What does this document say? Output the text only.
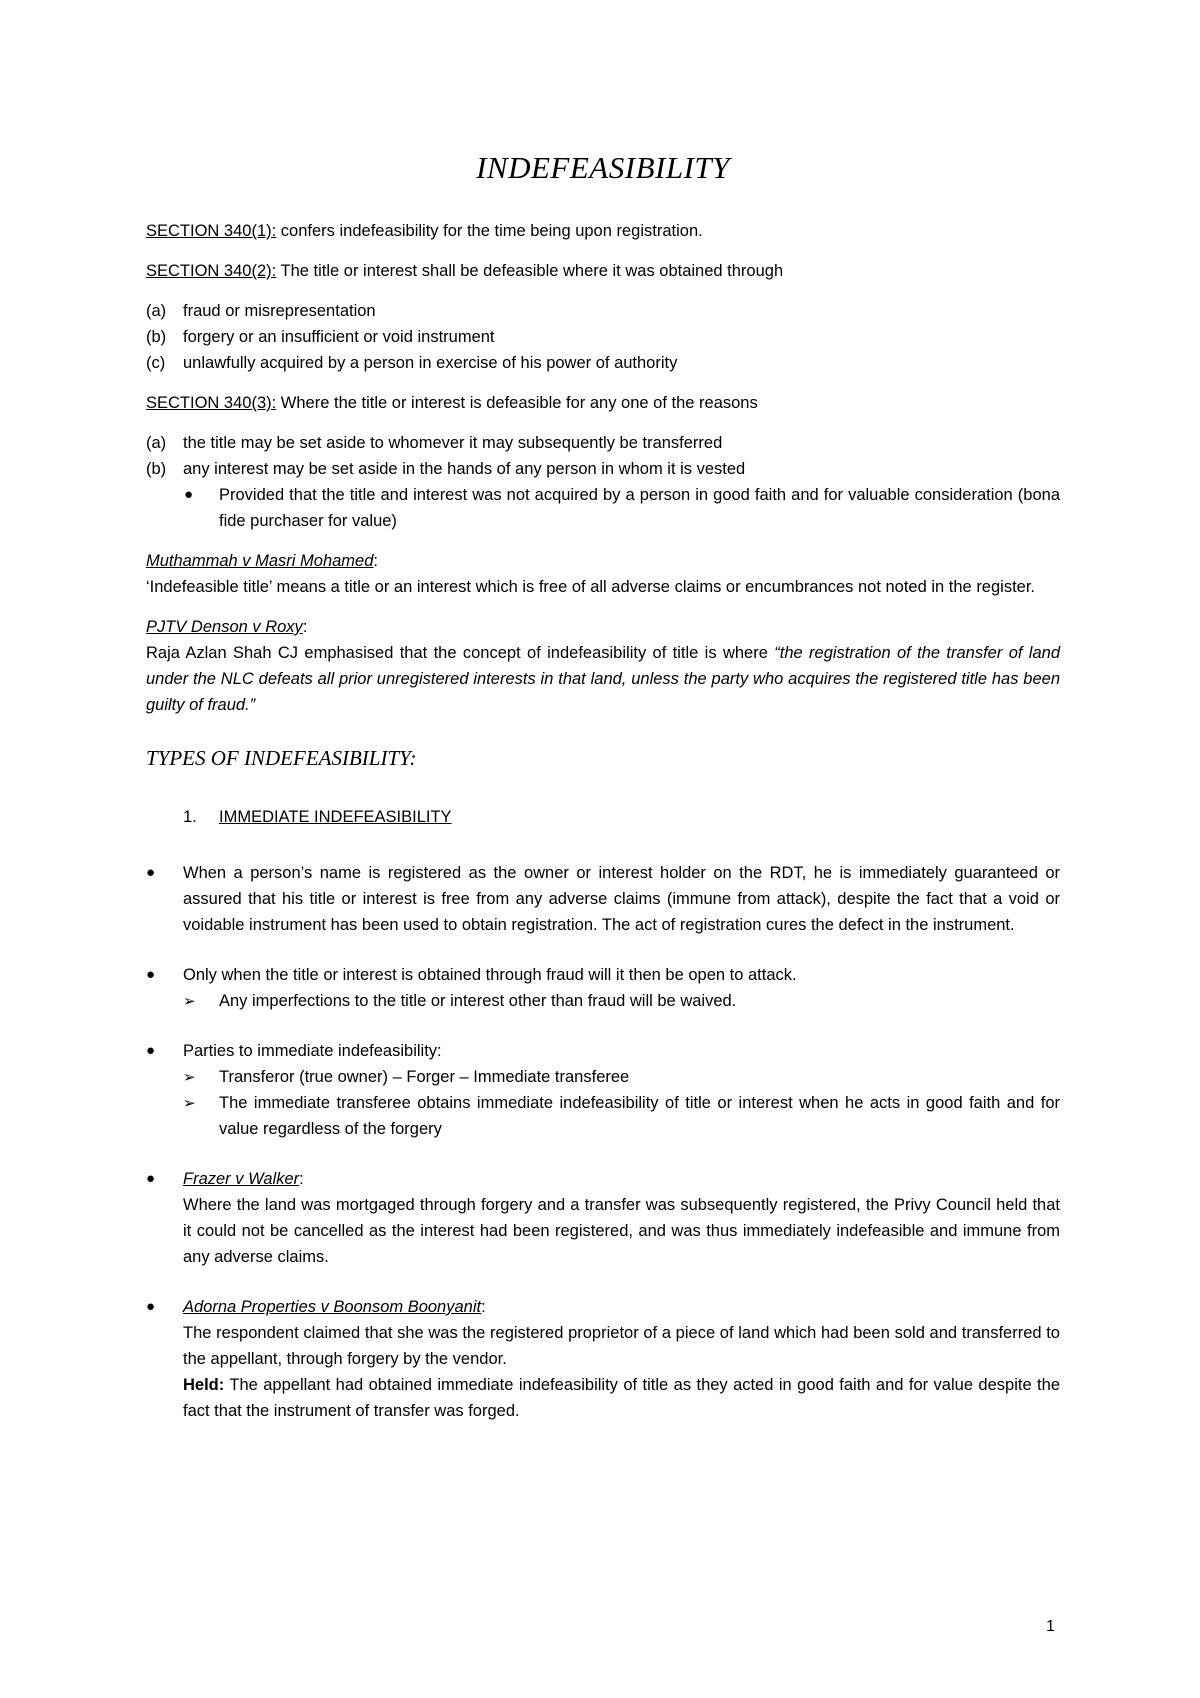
INDEFEASIBILITY

SECTION 340(1): confers indefeasibility for the time being upon registration.

SECTION 340(2): The title or interest shall be defeasible where it was obtained through

(a) fraud or misrepresentation
(b) forgery or an insufficient or void instrument
(c) unlawfully acquired by a person in exercise of his power of authority

SECTION 340(3): Where the title or interest is defeasible for any one of the reasons

(a) the title may be set aside to whomever it may subsequently be transferred
(b) any interest may be set aside in the hands of any person in whom it is vested
● Provided that the title and interest was not acquired by a person in good faith and for valuable consideration (bona fide purchaser for value)

Muthammah v Masri Mohamed:

‘Indefeasible title’ means a title or an interest which is free of all adverse claims or encumbrances not noted in the register.

PJTV Denson v Roxy:

Raja Azlan Shah CJ emphasised that the concept of indefeasibility of title is where “the registration of the transfer of land under the NLC defeats all prior unregistered interests in that land, unless the party who acquires the registered title has been guilty of fraud.”

TYPES OF INDEFEASIBILITY:
1.	IMMEDIATE INDEFEASIBILITY
● When a person’s name is registered as the owner or interest holder on the RDT, he is immediately guaranteed or assured that his title or interest is free from any adverse claims (immune from attack), despite the fact that a void or voidable instrument has been used to obtain registration. The act of registration cures the defect in the instrument.
● Only when the title or interest is obtained through fraud will it then be open to attack.
➢ Any imperfections to the title or interest other than fraud will be waived.
● Parties to immediate indefeasibility:
➢ Transferor (true owner) – Forger – Immediate transferee
➢ The immediate transferee obtains immediate indefeasibility of title or interest when he acts in good faith and for value regardless of the forgery
● Frazer v Walker:
Where the land was mortgaged through forgery and a transfer was subsequently registered, the Privy Council held that it could not be cancelled as the interest had been registered, and was thus immediately indefeasible and immune from any adverse claims.
● Adorna Properties v Boonsom Boonyanit:
The respondent claimed that she was the registered proprietor of a piece of land which had been sold and transferred to the appellant, through forgery by the vendor.
Held: The appellant had obtained immediate indefeasibility of title as they acted in good faith and for value despite the fact that the instrument of transfer was forged.
1
